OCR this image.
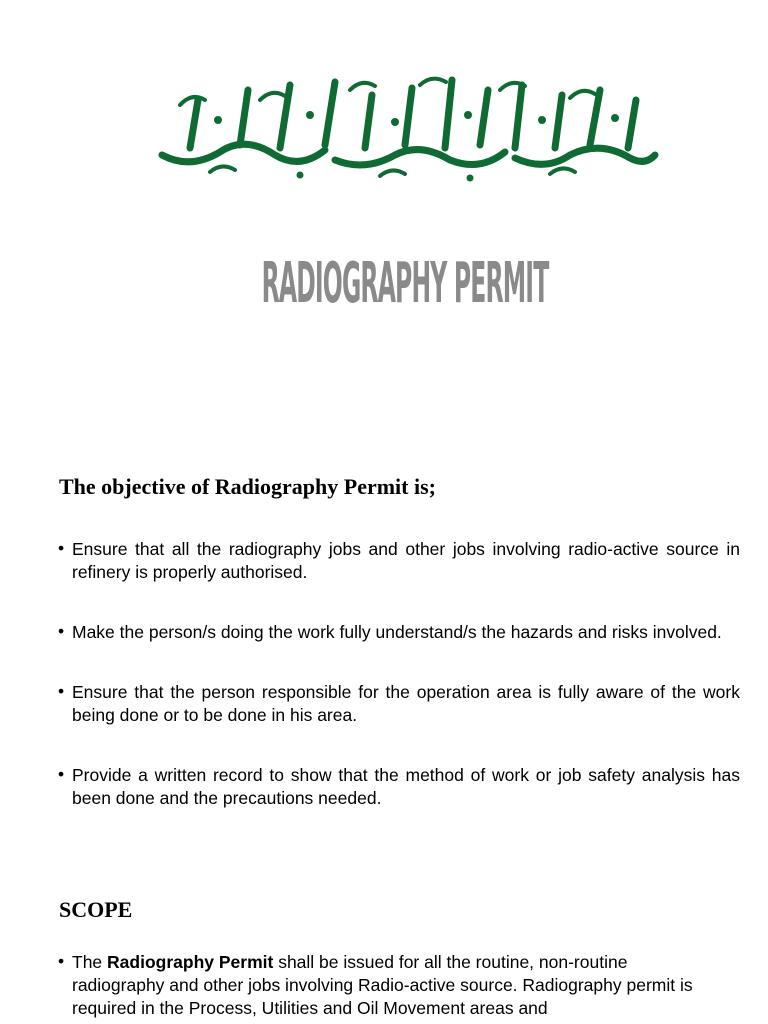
RADIOGRAPHY PERMIT
The objective of Radiography Permit is;
• Ensure that all the radiography jobs and other jobs involving radio-active source in refinery is properly authorised.
• Make the person/s doing the work fully understand/s the hazards and risks involved.
• Ensure that the person responsible for the operation area is fully aware of the work being done or to be done in his area.
• Provide a written record to show that the method of work or job safety analysis has been done and the precautions needed.
SCOPE
• The Radiography Permit shall be issued for all the routine, non-routine radiography and other jobs involving Radio-active source. Radiography permit is required in the Process, Utilities and Oil Movement areas and
